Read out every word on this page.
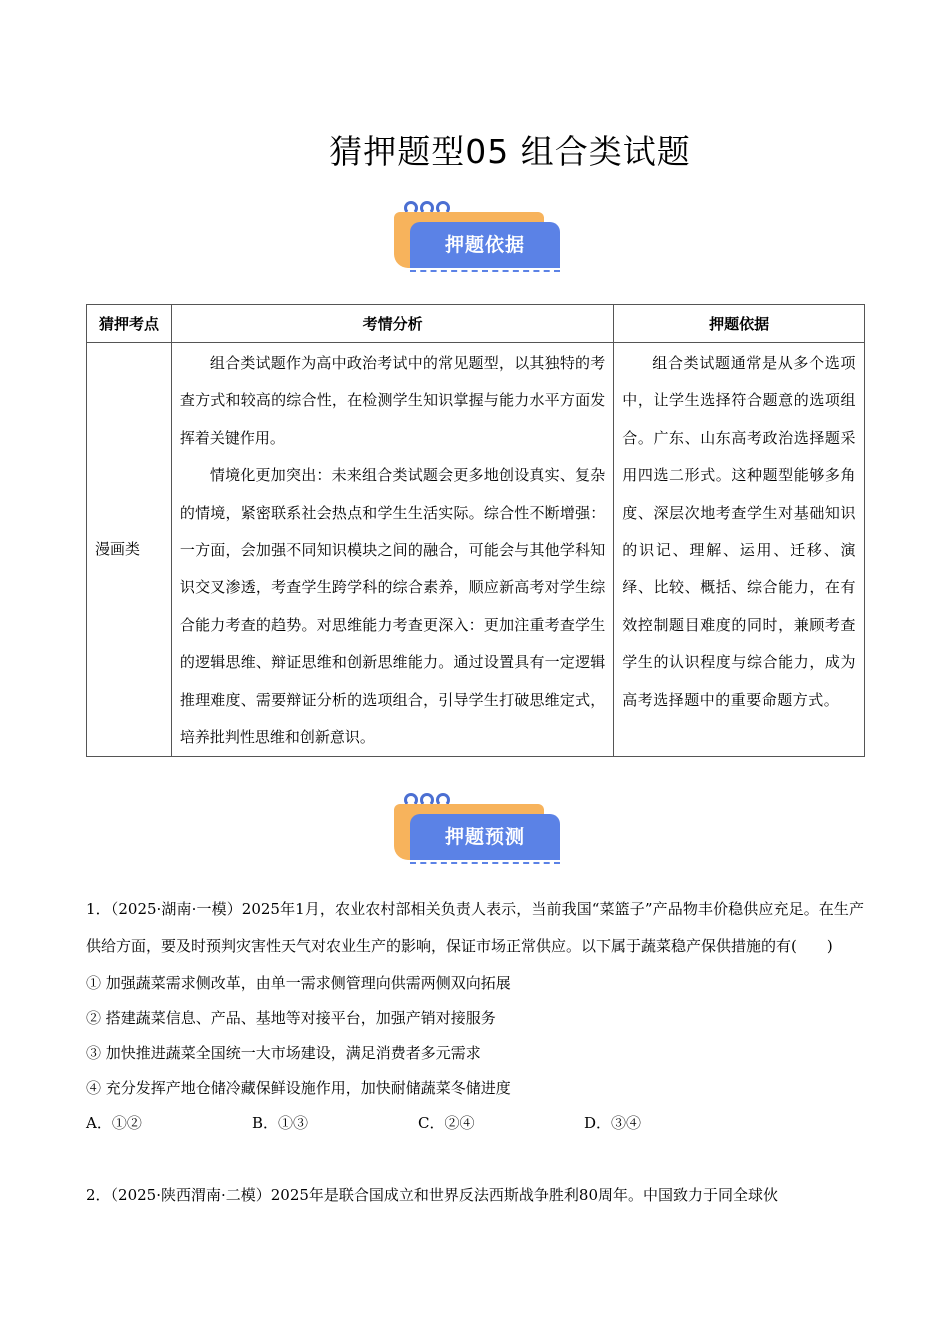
猜押题型05 组合类试题
押题依据
猜押考点	考情分析	押题依据
漫画类	组合类试题作为高中政治考试中的常见题型，以其独特的考查方式和较高的综合性，在检测学生知识掌握与能力水平方面发挥着关键作用。

情境化更加突出：未来组合类试题会更多地创设真实、复杂的情境，紧密联系社会热点和学生生活实际。综合性不断增强：一方面，会加强不同知识模块之间的融合，可能会与其他学科知识交叉渗透，考查学生跨学科的综合素养，顺应新高考对学生综合能力考查的趋势。对思维能力考查更深入：更加注重考查学生的逻辑思维、辩证思维和创新思维能力。通过设置具有一定逻辑推理难度、需要辩证分析的选项组合，引导学生打破思维定式，培养批判性思维和创新意识。	组合类试题通常是从多个选项中，让学生选择符合题意的选项组合。广东、山东高考政治选择题采用四选二形式。这种题型能够多角度、深层次地考查学生对基础知识的识记、理解、运用、迁移、演绎、比较、概括、综合能力，在有效控制题目难度的同时，兼顾考查学生的认识程度与综合能力，成为高考选择题中的重要命题方式。

押题预测

1．（2025·湖南·一模）2025年1月，农业农村部相关负责人表示，当前我国“菜篮子”产品物丰价稳供应充足。在生产供给方面，要及时预判灾害性天气对农业生产的影响，保证市场正常供应。以下属于蔬菜稳产保供措施的有(　　)

① 加强蔬菜需求侧改革，由单一需求侧管理向供需两侧双向拓展

② 搭建蔬菜信息、产品、基地等对接平台，加强产销对接服务

③ 加快推进蔬菜全国统一大市场建设，满足消费者多元需求

④ 充分发挥产地仓储冷藏保鲜设施作用，加快耐储蔬菜冬储进度

A．①②	B．①③	C．②④	D．③④

2．（2025·陕西渭南·二模）2025年是联合国成立和世界反法西斯战争胜利80周年。中国致力于同全球伙
